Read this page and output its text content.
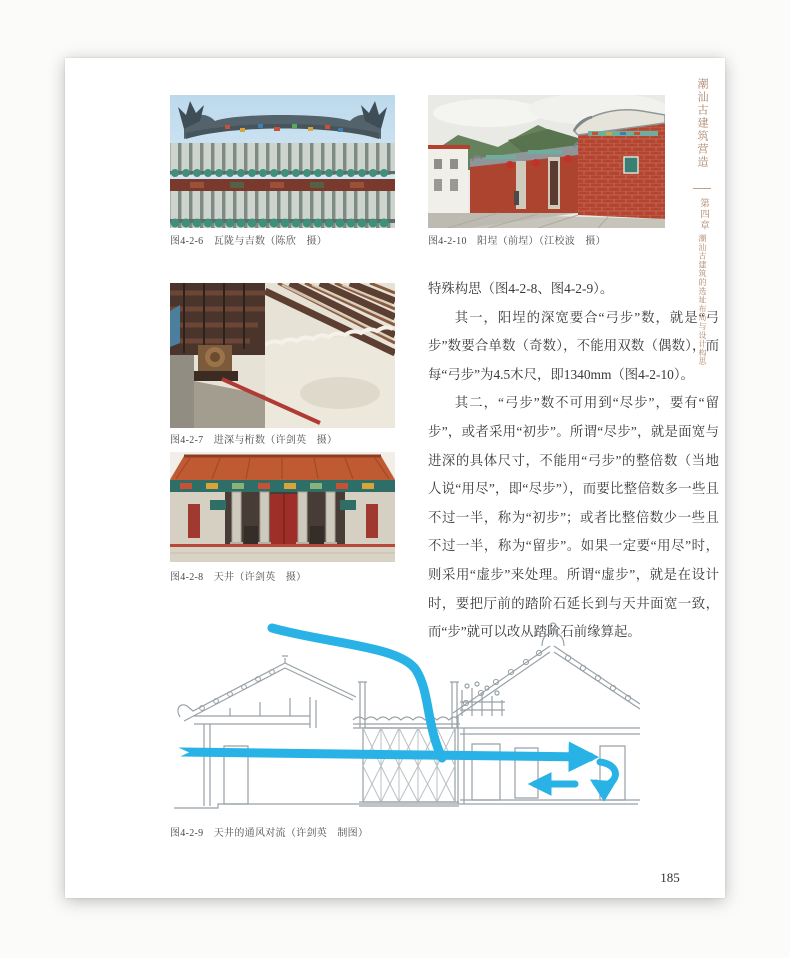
图4-2-6　瓦陇与吉数（陈欣　摄）	图4-2-10　阳埕（前埕）（江校波　摄）
图4-2-7　进深与桁数（许剑英　摄）
图4-2-8　天井（许剑英　摄）

特殊构思（图4-2-8、图4-2-9）。

其一，阳埕的深宽要合“弓步”数，就是“弓步”数要合单数（奇数），不能用双数（偶数），而每“弓步”为4.5木尺，即1340mm（图4-2-10）。

其二，“弓步”数不可用到“尽步”，要有“留步”，或者采用“初步”。所谓“尽步”，就是面宽与进深的具体尺寸，不能用“弓步”的整倍数（当地人说“用尽”，即“尽步”），而要比整倍数多一些且不过一半，称为“初步”；或者比整倍数少一些且不过一半，称为“留步”。如果一定要“用尽”时，则采用“虚步”来处理。所谓“虚步”，就是在设计时，要把厅前的踏阶石延长到与天井面宽一致，而“步”就可以改从踏阶石前缘算起。

图4-2-9　天井的通风对流（许剑英　制图）
潮汕古建筑营造
第四章
潮汕古建筑的选址布局与设计构思
185
